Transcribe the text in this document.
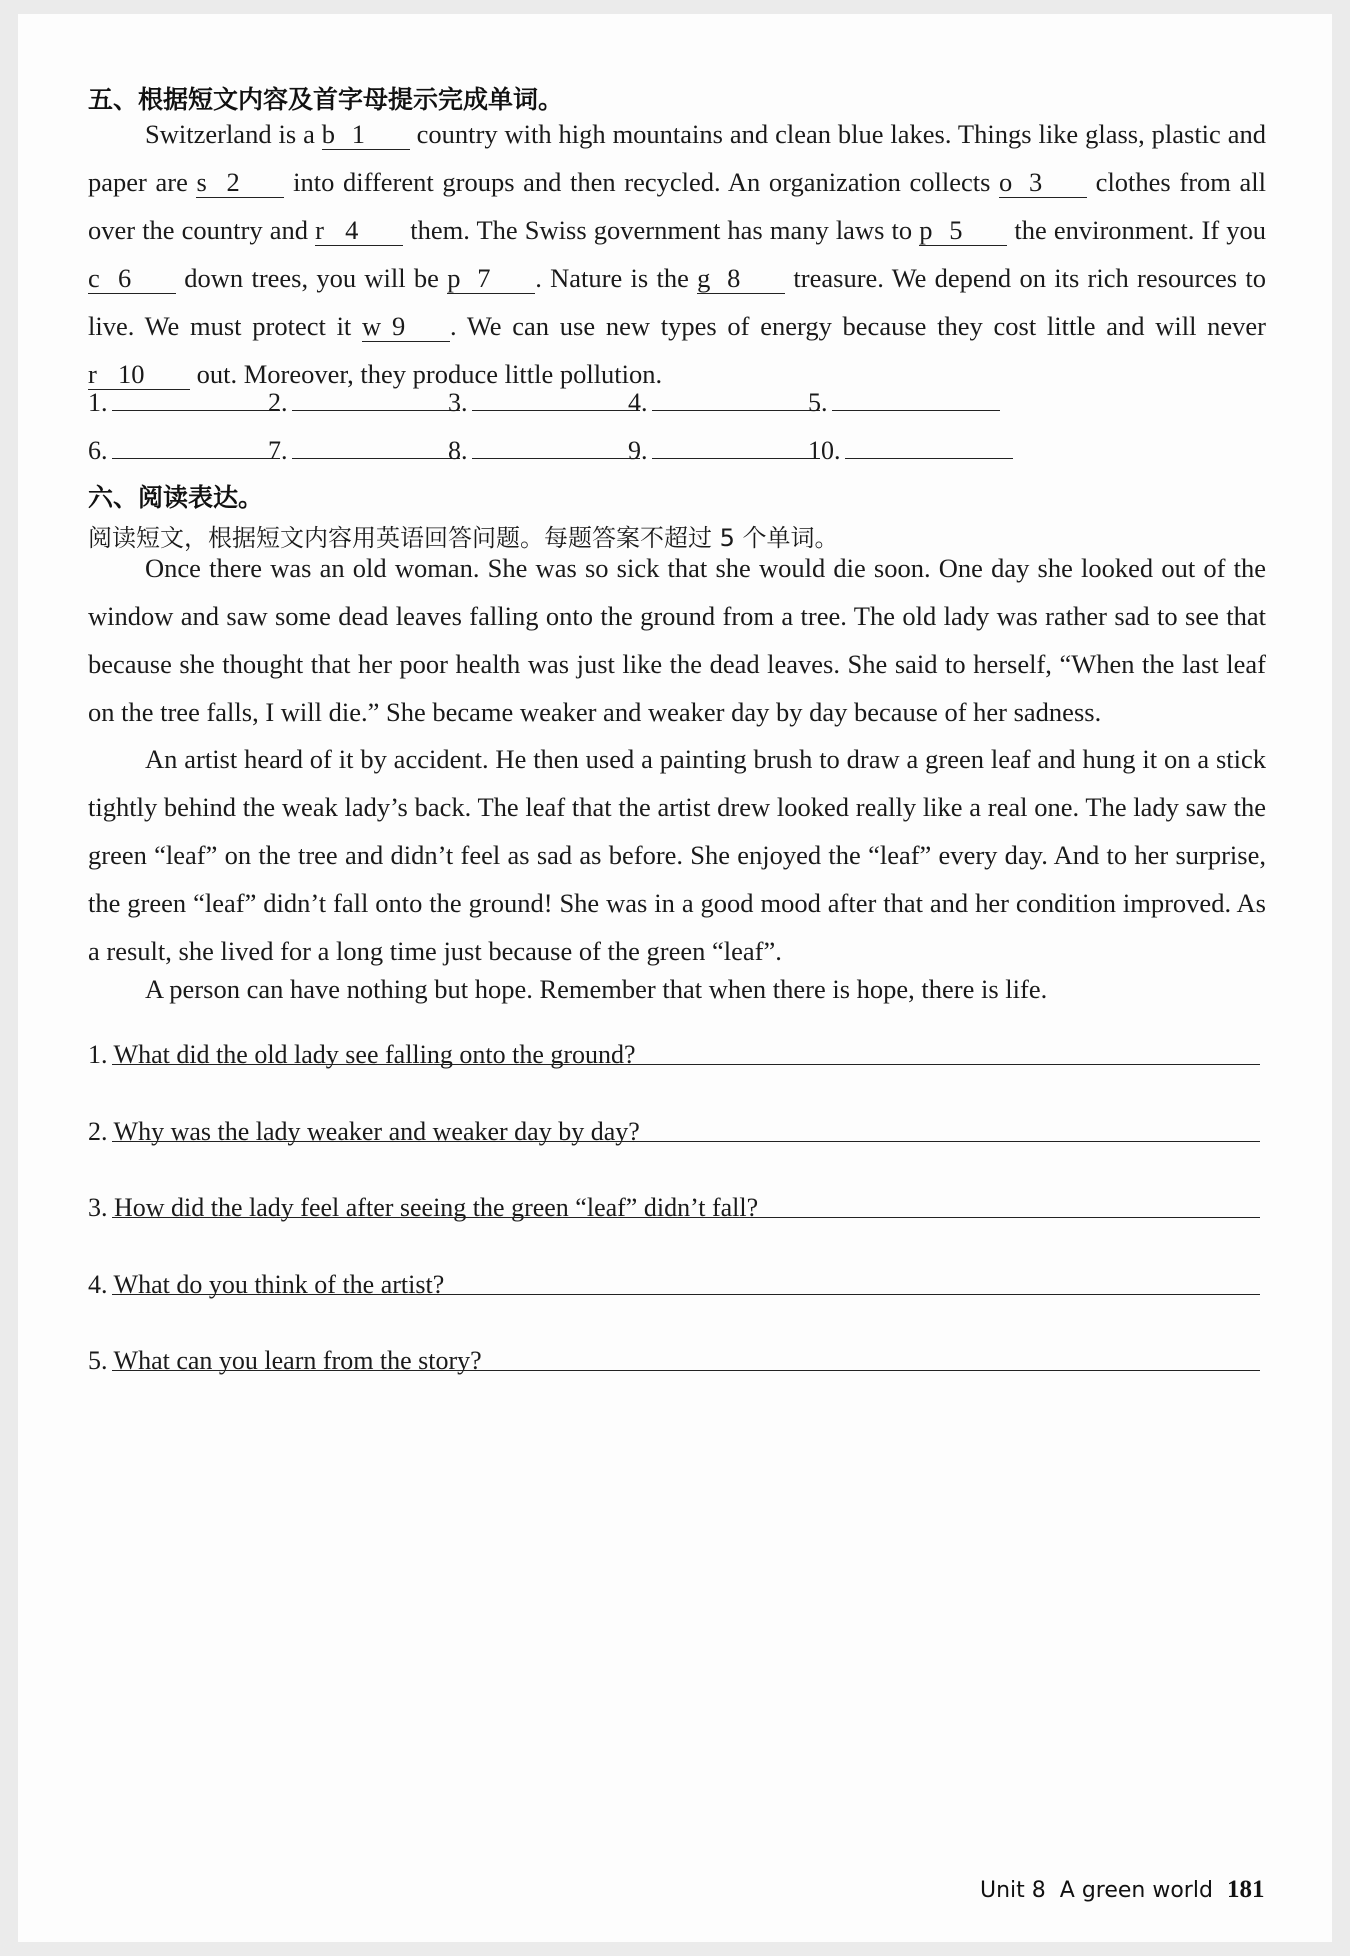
五、根据短文内容及首字母提示完成单词。

Switzerland is a b 1 country with high mountains and clean blue lakes. Things like glass, plastic and paper are s 2 into different groups and then recycled. An organization collects o 3 clothes from all over the country and r 4 them. The Swiss government has many laws to p 5 the environment. If you c 6 down trees, you will be p 7 . Nature is the g 8 treasure. We depend on its rich resources to live. We must protect it w 9 . We can use new types of energy because they cost little and will never r 10 out. Moreover, they produce little pollution.

1.	2.	3.	4.	5.
6.	7.	8.	9.	10.
六、阅读表达。

阅读短文，根据短文内容用英语回答问题。每题答案不超过 5 个单词。

Once there was an old woman. She was so sick that she would die soon. One day she looked out of the window and saw some dead leaves falling onto the ground from a tree. The old lady was rather sad to see that because she thought that her poor health was just like the dead leaves. She said to herself, “When the last leaf on the tree falls, I will die.” She became weaker and weaker day by day because of her sadness.

An artist heard of it by accident. He then used a painting brush to draw a green leaf and hung it on a stick tightly behind the weak lady’s back. The leaf that the artist drew looked really like a real one. The lady saw the green “leaf” on the tree and didn’t feel as sad as before. She enjoyed the “leaf” every day. And to her surprise, the green “leaf” didn’t fall onto the ground! She was in a good mood after that and her condition improved. As a result, she lived for a long time just because of the green “leaf”.

A person can have nothing but hope. Remember that when there is hope, there is life.

1. What did the old lady see falling onto the ground?

2. Why was the lady weaker and weaker day by day?

3. How did the lady feel after seeing the green “leaf” didn’t fall?

4. What do you think of the artist?

5. What can you learn from the story?

Unit 8 A green world 181
